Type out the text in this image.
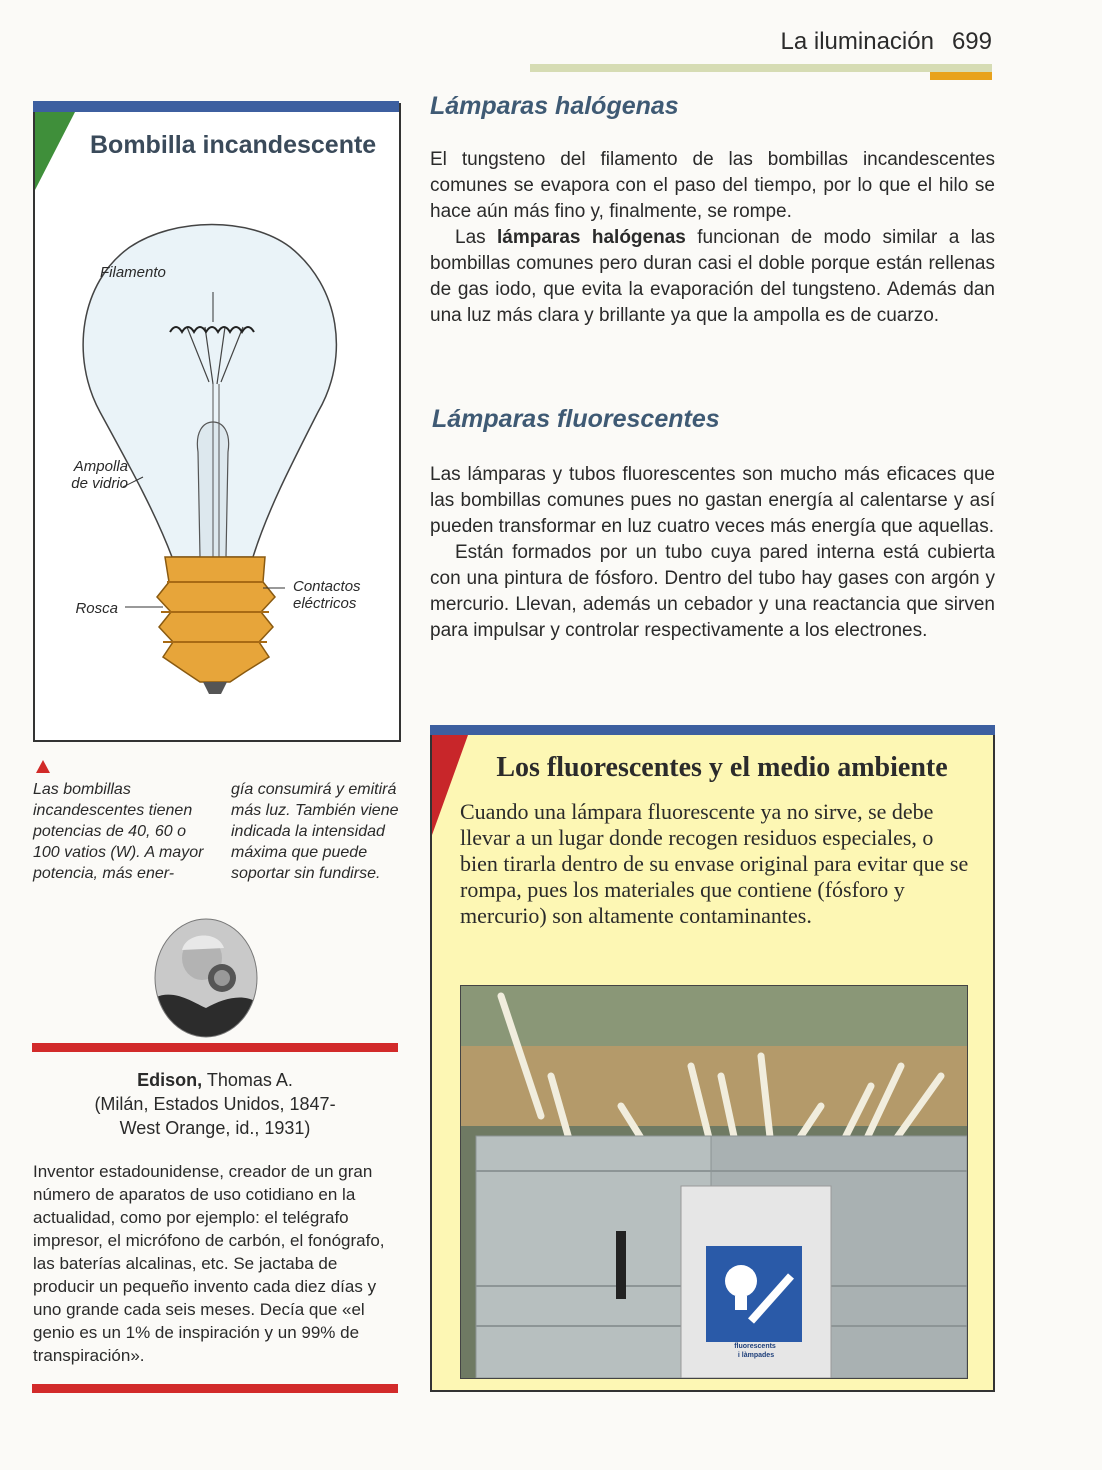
La iluminación 699
Bombilla incandescente
Filamento
Ampolla
de vidrio
Rosca
Contactos
eléctricos
Las bombillas incandescentes tienen potencias de 40, 60 o 100 vatios (W). A mayor potencia, más ener-
gía consumirá y emitirá más luz. También viene indicada la intensidad máxima que puede soportar sin fundirse.
Edison, Thomas A.
(Milán, Estados Unidos, 1847-
West Orange, id., 1931)
Inventor estadounidense, creador de un gran número de aparatos de uso cotidiano en la actualidad, como por ejemplo: el telégrafo impresor, el micrófono de carbón, el fonógrafo, las baterías alcalinas, etc. Se jactaba de producir un pequeño invento cada diez días y uno grande cada seis meses. Decía que «el genio es un 1% de inspiración y un 99% de transpiración».
Lámparas halógenas
El tungsteno del filamento de las bombillas incandescentes comunes se evapora con el paso del tiempo, por lo que el hilo se hace aún más fino y, finalmente, se rompe.
Las lámparas halógenas funcionan de modo similar a las bombillas comunes pero duran casi el doble porque están rellenas de gas iodo, que evita la evaporación del tungsteno. Además dan una luz más clara y brillante ya que la ampolla es de cuarzo.
Lámparas fluorescentes
Las lámparas y tubos fluorescentes son mucho más eficaces que las bombillas comunes pues no gastan energía al calentarse y así pueden transformar en luz cuatro veces más energía que aquellas.
Están formados por un tubo cuya pared interna está cubierta con una pintura de fósforo. Dentro del tubo hay gases con argón y mercurio. Llevan, además un cebador y una reactancia que sirven para impulsar y controlar respectivamente a los electrones.
Los fluorescentes y el medio ambiente
Cuando una lámpara fluorescente ya no sirve, se debe llevar a un lugar donde recogen residuos especiales, o bien tirarla dentro de su envase original para evitar que se rompa, pues los materiales que contiene (fósforo y mercurio) son altamente contaminantes.
fluorescents i làmpades
